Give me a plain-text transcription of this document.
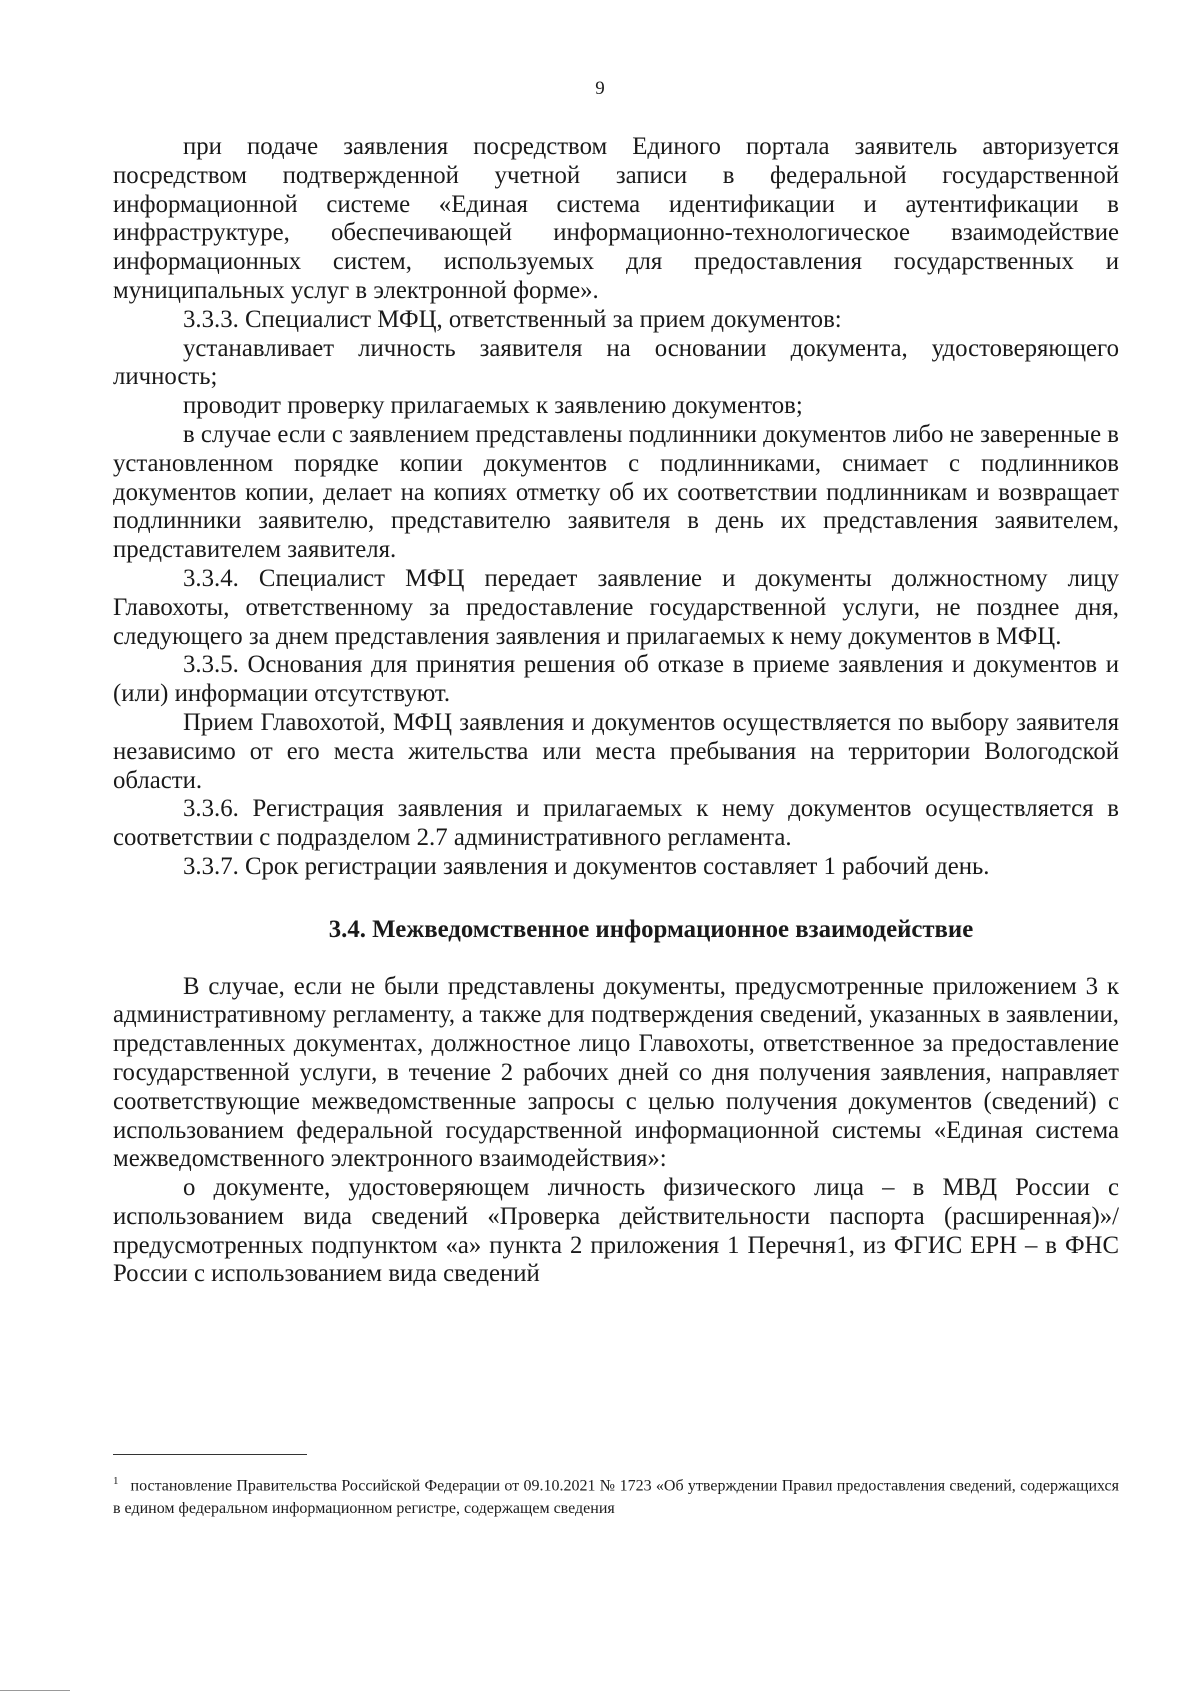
9

при подаче заявления посредством Единого портала заявитель авторизуется посредством подтвержденной учетной записи в федеральной государственной информационной системе «Единая система идентификации и аутентификации в инфраструктуре, обеспечивающей информационно-технологическое взаимодействие информационных систем, используемых для предоставления государственных и муниципальных услуг в электронной форме».

3.3.3. Специалист МФЦ, ответственный за прием документов:

устанавливает личность заявителя на основании документа, удостоверяющего личность;

проводит проверку прилагаемых к заявлению документов;

в случае если с заявлением представлены подлинники документов либо не заверенные в установленном порядке копии документов с подлинниками, снимает с подлинников документов копии, делает на копиях отметку об их соответствии подлинникам и возвращает подлинники заявителю, представителю заявителя в день их представления заявителем, представителем заявителя.

3.3.4. Специалист МФЦ передает заявление и документы должностному лицу Главохоты, ответственному за предоставление государственной услуги, не позднее дня, следующего за днем представления заявления и прилагаемых к нему документов в МФЦ.

3.3.5. Основания для принятия решения об отказе в приеме заявления и документов и (или) информации отсутствуют.

Прием Главохотой, МФЦ заявления и документов осуществляется по выбору заявителя независимо от его места жительства или места пребывания на территории Вологодской области.

3.3.6. Регистрация заявления и прилагаемых к нему документов осуществляется в соответствии с подразделом 2.7 административного регламента.

3.3.7. Срок регистрации заявления и документов составляет 1 рабочий день.

3.4. Межведомственное информационное взаимодействие

В случае, если не были представлены документы, предусмотренные приложением 3 к административному регламенту, а также для подтверждения сведений, указанных в заявлении, представленных документах, должностное лицо Главохоты, ответственное за предоставление государственной услуги, в течение 2 рабочих дней со дня получения заявления, направляет соответствующие межведомственные запросы с целью получения документов (сведений) с использованием федеральной государственной информационной системы «Единая система межведомственного электронного взаимодействия»:

о документе, удостоверяющем личность физического лица – в МВД России с использованием вида сведений «Проверка действительности паспорта (расширенная)»/предусмотренных подпунктом «а» пункта 2 приложения 1 Перечня1, из ФГИС ЕРН – в ФНС России с использованием вида сведений

$^1$ постановление Правительства Российской Федерации от 09.10.2021 № 1723 «Об утверждении Правил предоставления сведений, содержащихся в едином федеральном информационном регистре, содержащем сведения
